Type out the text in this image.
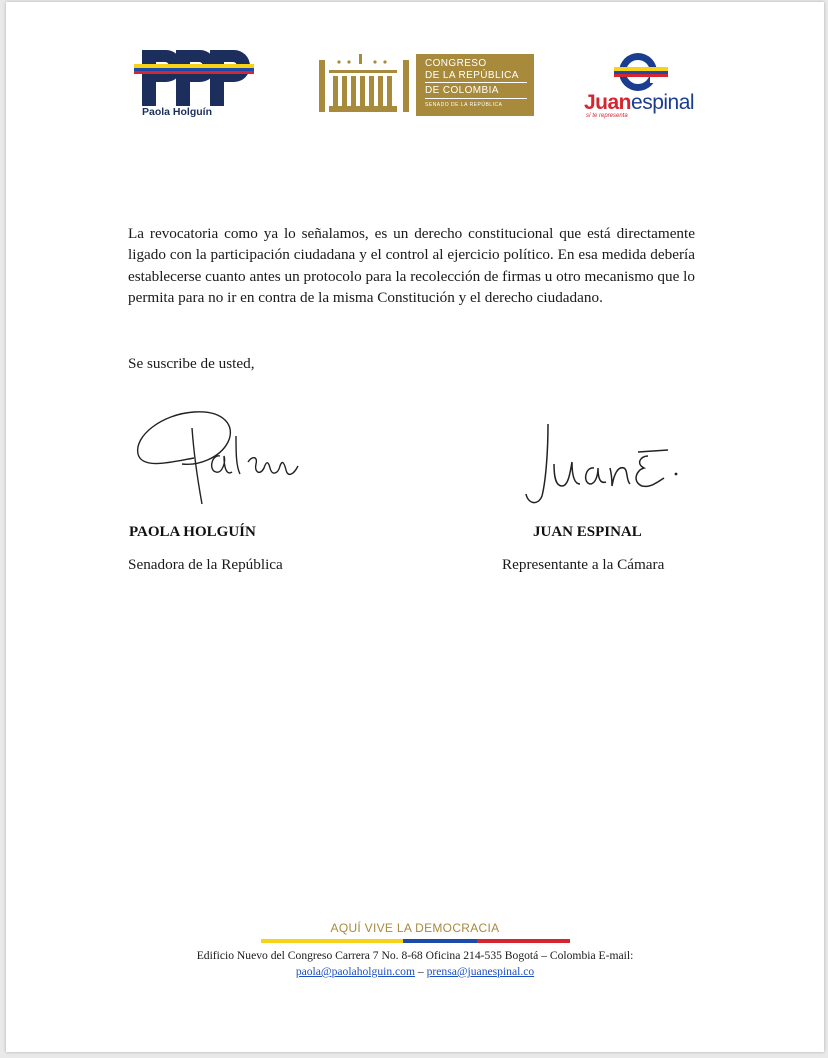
Paola Holguín
CONGRESO
DE LA REPÚBLICA
DE COLOMBIA
SENADO DE LA REPÚBLICA	Juanespinal
sí te representa

La revocatoria como ya lo señalamos, es un derecho constitucional que está directamente ligado con la participación ciudadana y el control al ejercicio político. En esa medida debería establecerse cuanto antes un protocolo para la recolección de firmas u otro mecanismo que lo permita para no ir en contra de la misma Constitución y el derecho ciudadano.

Se suscribe de usted,
PAOLA HOLGUÍN
Senadora de la República
JUAN ESPINAL
Representante a la Cámara
AQUÍ VIVE LA DEMOCRACIA
Edificio Nuevo del Congreso Carrera 7 No. 8-68 Oficina 214-535 Bogotá – Colombia E-mail:
paola@paolaholguin.com – prensa@juanespinal.co
